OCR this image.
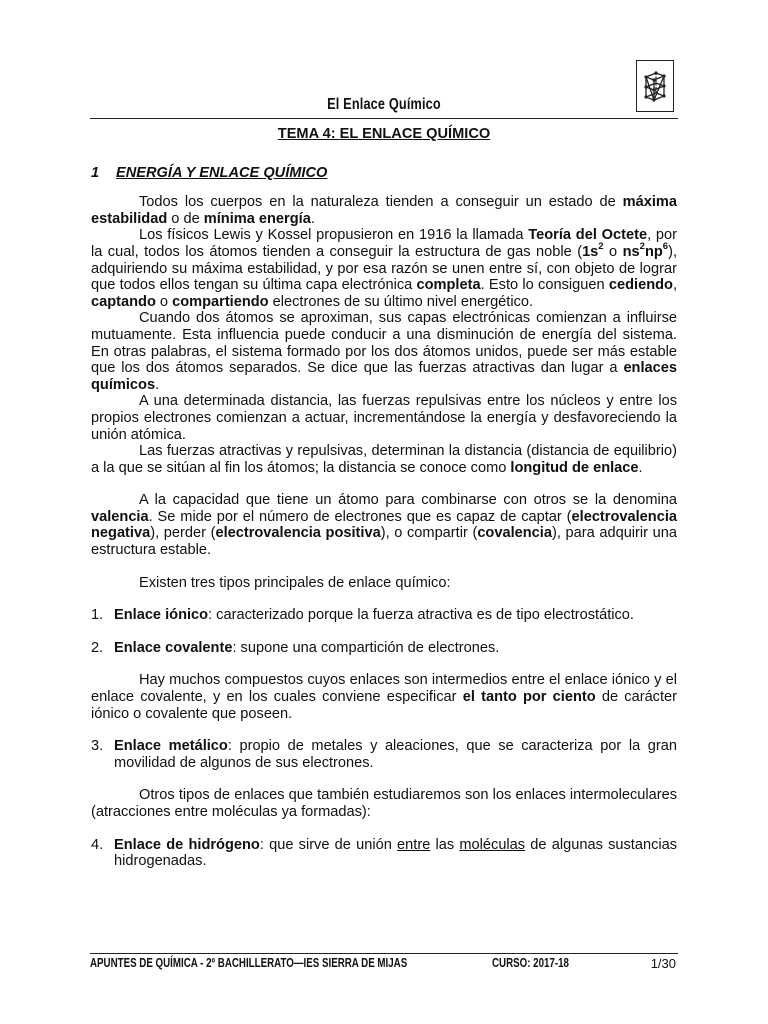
El Enlace Químico
TEMA 4: EL ENLACE QUÍMICO
1 ENERGÍA Y ENLACE QUÍMICO

Todos los cuerpos en la naturaleza tienden a conseguir un estado de máxima estabilidad o de mínima energía.

Los físicos Lewis y Kossel propusieron en 1916 la llamada Teoría del Octete, por la cual, todos los átomos tienden a conseguir la estructura de gas noble ($1s^2$ o $ns^2np^6$), adquiriendo su máxima estabilidad, y por esa razón se unen entre sí, con objeto de lograr que todos ellos tengan su última capa electrónica completa. Esto lo consiguen cediendo, captando o compartiendo electrones de su último nivel energético.

Cuando dos átomos se aproximan, sus capas electrónicas comienzan a influirse mutuamente. Esta influencia puede conducir a una disminución de energía del sistema. En otras palabras, el sistema formado por los dos átomos unidos, puede ser más estable que los dos átomos separados. Se dice que las fuerzas atractivas dan lugar a enlaces químicos.

A una determinada distancia, las fuerzas repulsivas entre los núcleos y entre los propios electrones comienzan a actuar, incrementándose la energía y desfavoreciendo la unión atómica.

Las fuerzas atractivas y repulsivas, determinan la distancia (distancia de equilibrio) a la que se sitúan al fin los átomos; la distancia se conoce como longitud de enlace.

A la capacidad que tiene un átomo para combinarse con otros se la denomina valencia. Se mide por el número de electrones que es capaz de captar (electrovalencia negativa), perder (electrovalencia positiva), o compartir (covalencia), para adquirir una estructura estable.

Existen tres tipos principales de enlace químico:

1. Enlace iónico: caracterizado porque la fuerza atractiva es de tipo electrostático.

2. Enlace covalente: supone una compartición de electrones.

Hay muchos compuestos cuyos enlaces son intermedios entre el enlace iónico y el enlace covalente, y en los cuales conviene especificar el tanto por ciento de carácter iónico o covalente que poseen.

3. Enlace metálico: propio de metales y aleaciones, que se caracteriza por la gran movilidad de algunos de sus electrones.

Otros tipos de enlaces que también estudiaremos son los enlaces intermoleculares (atracciones entre moléculas ya formadas):

4. Enlace de hidrógeno: que sirve de unión entre las moléculas de algunas sustancias hidrogenadas.

APUNTES DE QUÍMICA - 2º BACHILLERATO—IES SIERRA DE MIJAS	CURSO: 2017-18	1/30
